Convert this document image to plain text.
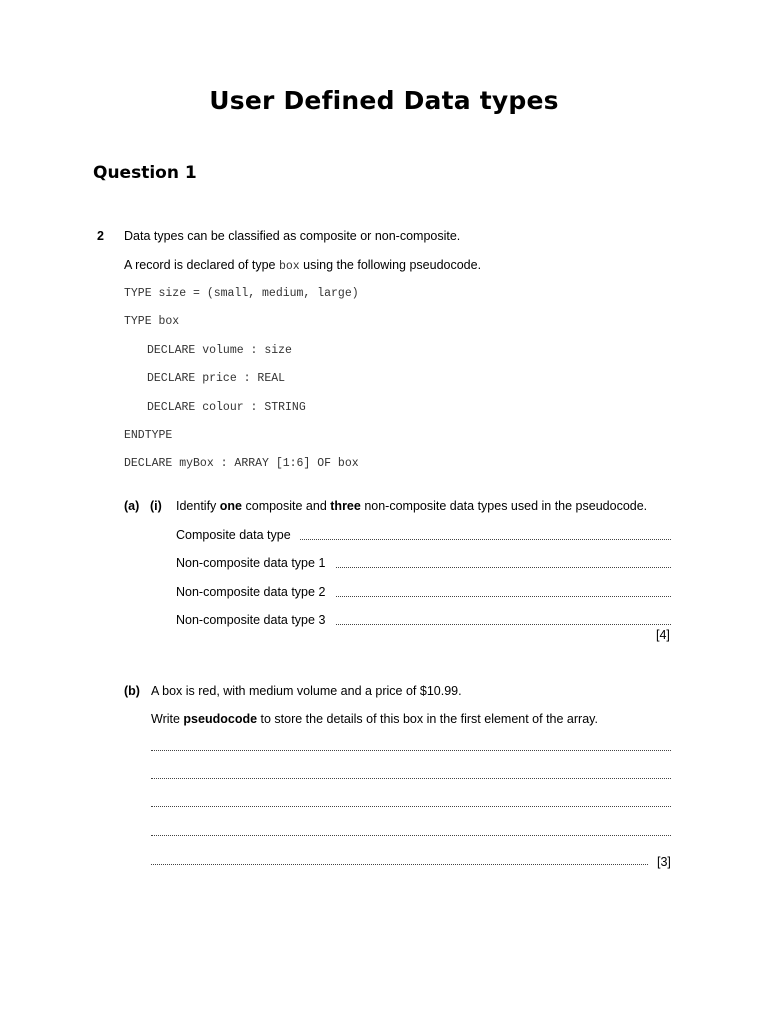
User Defined Data types
Question 1
2 Data types can be classified as composite or non-composite.
A record is declared of type box using the following pseudocode.
TYPE size = (small, medium, large)
TYPE box
DECLARE volume : size
DECLARE price : REAL
DECLARE colour : STRING
ENDTYPE
DECLARE myBox : ARRAY [1:6] OF box
(a) (i) Identify one composite and three non-composite data types used in the pseudocode.
Composite data type
Non-composite data type 1
Non-composite data type 2
Non-composite data type 3
[4]
(b) A box is red, with medium volume and a price of $10.99.
Write pseudocode to store the details of this box in the first element of the array.
[3]
